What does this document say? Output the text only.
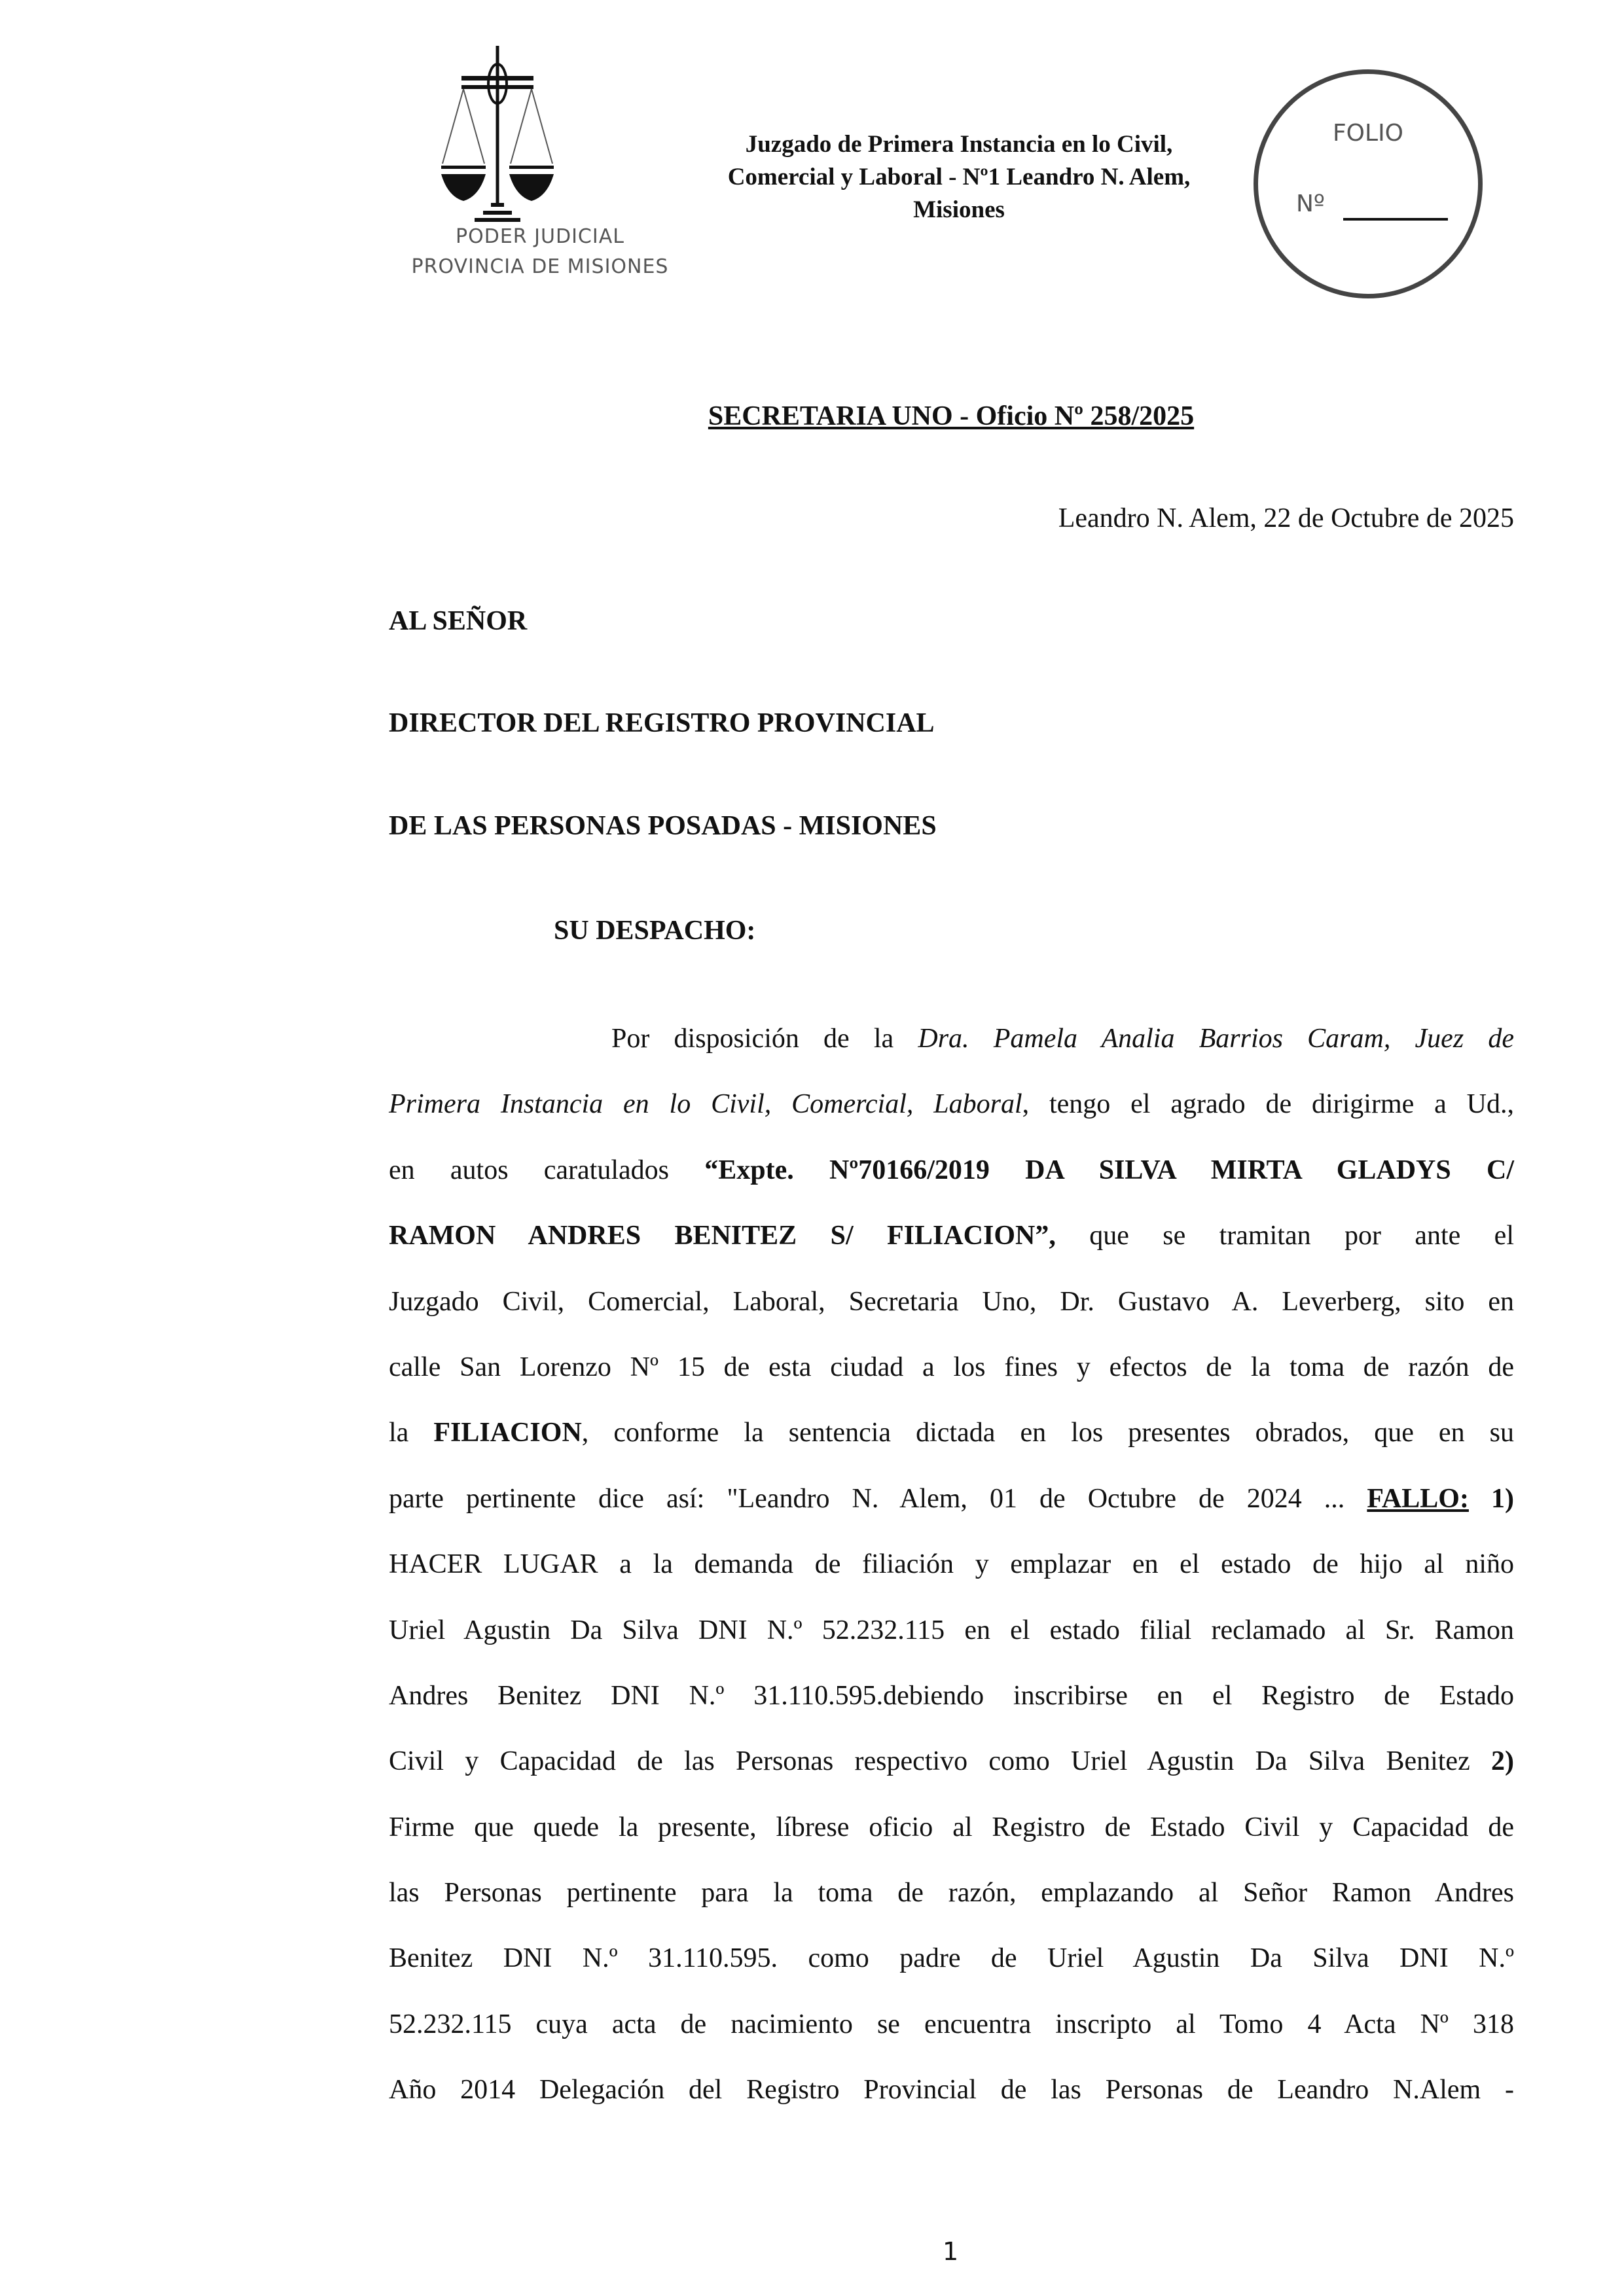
PODER JUDICIAL
PROVINCIA DE MISIONES
Juzgado de Primera Instancia en lo Civil,
Comercial y Laboral - Nº1 Leandro N. Alem,
Misiones
FOLIO
Nº
SECRETARIA UNO - Oficio Nº 258/2025
Leandro N. Alem, 22 de Octubre de 2025
AL SEÑOR
DIRECTOR DEL REGISTRO PROVINCIAL
DE LAS PERSONAS POSADAS - MISIONES
SU DESPACHO:
Por disposición de la Dra. Pamela Analia Barrios Caram, Juez de
Primera Instancia en lo Civil, Comercial, Laboral, tengo el agrado de dirigirme a Ud.,
en autos caratulados “Expte. Nº70166/2019 DA SILVA MIRTA GLADYS C/
RAMON ANDRES BENITEZ S/ FILIACION”, que se tramitan por ante el
Juzgado Civil, Comercial, Laboral, Secretaria Uno, Dr. Gustavo A. Leverberg, sito en
calle San Lorenzo Nº 15 de esta ciudad a los fines y efectos de la toma de razón de
la FILIACION, conforme la sentencia dictada en los presentes obrados, que en su
parte pertinente dice así: "Leandro N. Alem, 01 de Octubre de 2024 ... FALLO: 1)
HACER LUGAR a la demanda de filiación y emplazar en el estado de hijo al niño
Uriel Agustin Da Silva DNI N.º 52.232.115 en el estado filial reclamado al Sr. Ramon
Andres Benitez DNI N.º 31.110.595.debiendo inscribirse en el Registro de Estado
Civil y Capacidad de las Personas respectivo como Uriel Agustin Da Silva Benitez 2)
Firme que quede la presente, líbrese oficio al Registro de Estado Civil y Capacidad de
las Personas pertinente para la toma de razón, emplazando al Señor Ramon Andres
Benitez DNI N.º 31.110.595. como padre de Uriel Agustin Da Silva DNI N.º
52.232.115 cuya acta de nacimiento se encuentra inscripto al Tomo 4 Acta Nº 318
Año 2014 Delegación del Registro Provincial de las Personas de Leandro N.Alem -
1
